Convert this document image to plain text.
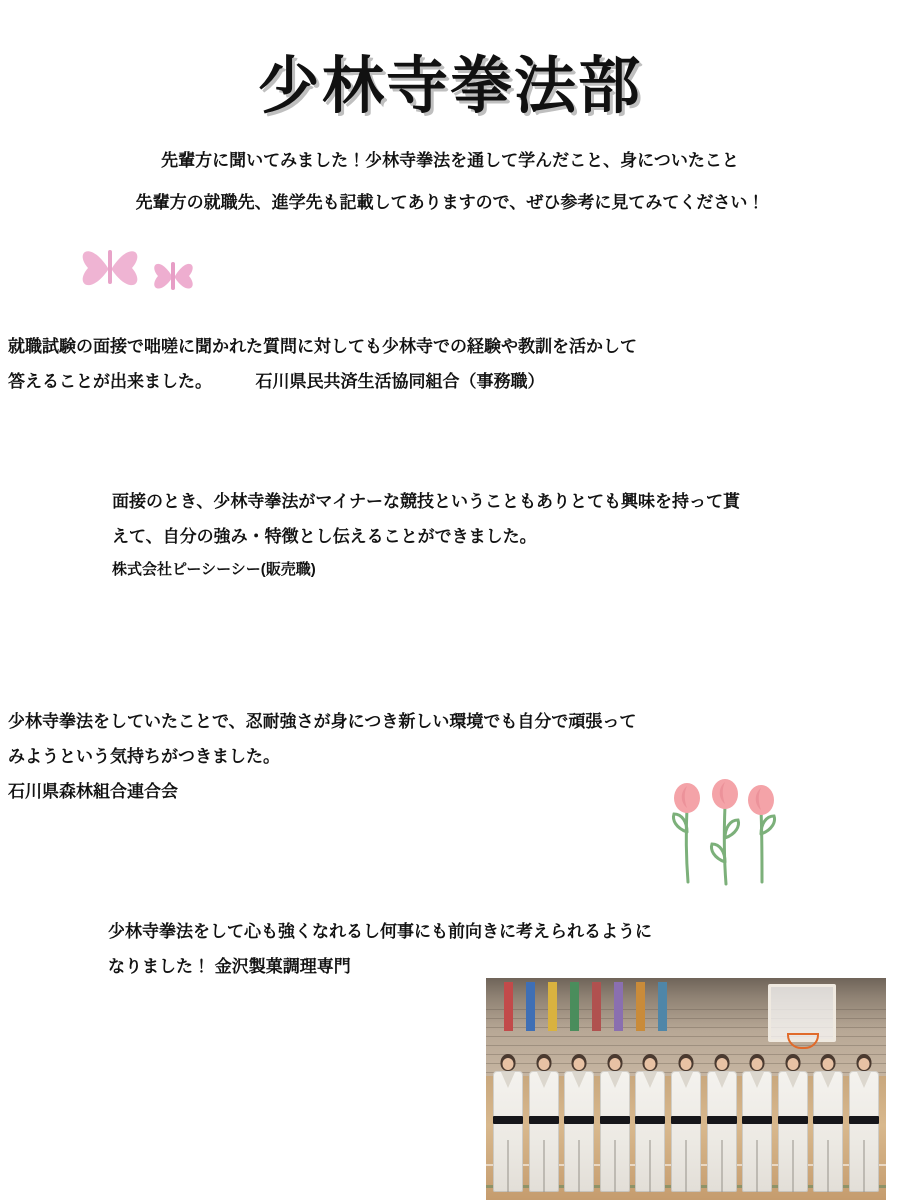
少林寺拳法部
先輩方に聞いてみました！少林寺拳法を通して学んだこと、身についたこと
先輩方の就職先、進学先も記載してありますので、ぜひ参考に見てみてください！
就職試験の面接で咄嗟に聞かれた質問に対しても少林寺での経験や教訓を活かして
答えることが出来ました。	石川県民共済生活協同組合（事務職）
面接のとき、少林寺拳法がマイナーな競技ということもありとても興味を持って貰
えて、自分の強み・特徴とし伝えることができました。
株式会社ピーシーシー(販売職)
少林寺拳法をしていたことで、忍耐強さが身につき新しい環境でも自分で頑張って
みようという気持ちがつきました。
石川県森林組合連合会
少林寺拳法をして心も強くなれるし何事にも前向きに考えられるように
なりました！ 金沢製菓調理専門
